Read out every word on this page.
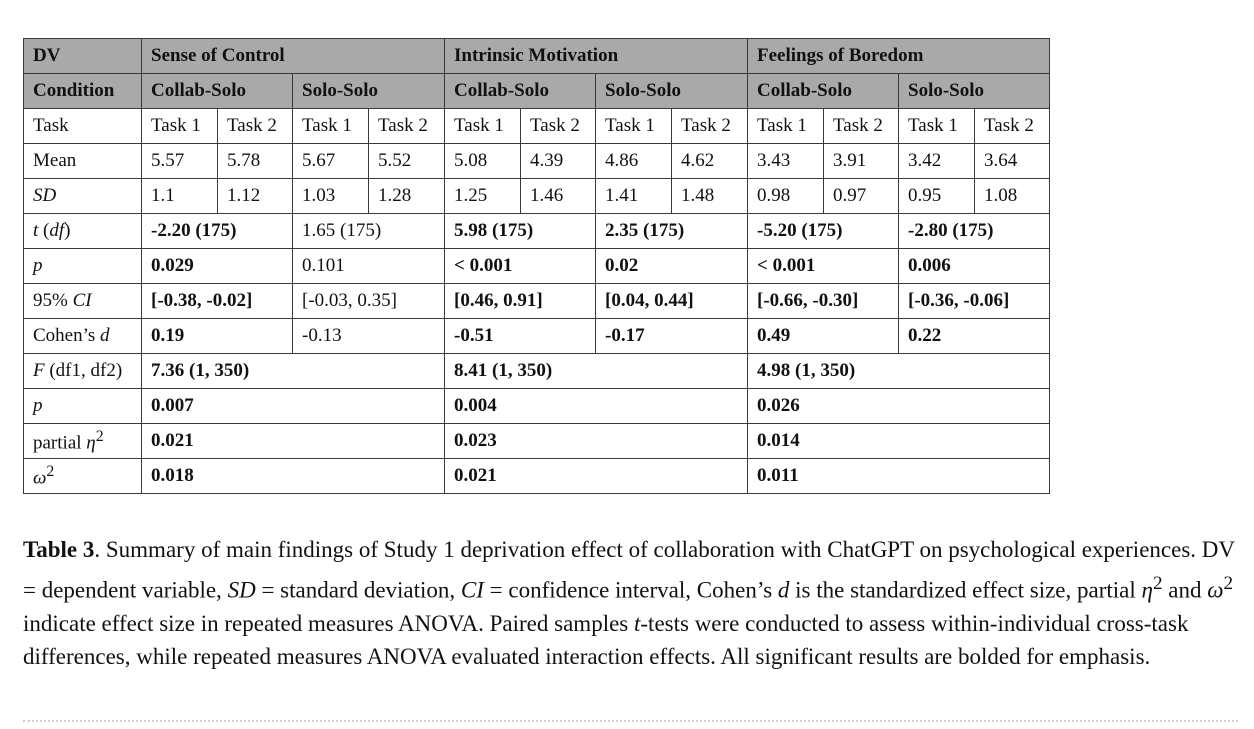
DV	Sense of Control				Intrinsic Motivation				Feelings of Boredom			
Condition	Collab-Solo		Solo-Solo		Collab-Solo		Solo-Solo		Collab-Solo		Solo-Solo	
Task	Task 1	Task 2	Task 1	Task 2	Task 1	Task 2	Task 1	Task 2	Task 1	Task 2	Task 1	Task 2
Mean	5.57	5.78	5.67	5.52	5.08	4.39	4.86	4.62	3.43	3.91	3.42	3.64
SD	1.1	1.12	1.03	1.28	1.25	1.46	1.41	1.48	0.98	0.97	0.95	1.08
t (df)	-2.20 (175)		1.65 (175)		5.98 (175)		2.35 (175)		-5.20 (175)		-2.80 (175)	
p	0.029		0.101		< 0.001		0.02		< 0.001		0.006	
95% CI	[-0.38, -0.02]		[-0.03, 0.35]		[0.46, 0.91]		[0.04, 0.44]		[-0.66, -0.30]		[-0.36, -0.06]	
Cohen’s d	0.19		-0.13		-0.51		-0.17		0.49		0.22	
F (df1, df2)	7.36 (1, 350)				8.41 (1, 350)				4.98 (1, 350)			
p	0.007				0.004				0.026			
partial $\eta^2$	0.021				0.023				0.014			
$\omega^2$	0.018				0.021				0.011			

Table 3. Summary of main findings of Study 1 deprivation effect of collaboration with ChatGPT on psychological experiences. DV = dependent variable, SD = standard deviation, CI = confidence interval, Cohen’s d is the standardized effect size, partial $\eta^2$ and $\omega^2$ indicate effect size in repeated measures ANOVA. Paired samples t-tests were conducted to assess within-individual cross-task differences, while repeated measures ANOVA evaluated interaction effects. All significant results are bolded for emphasis.
